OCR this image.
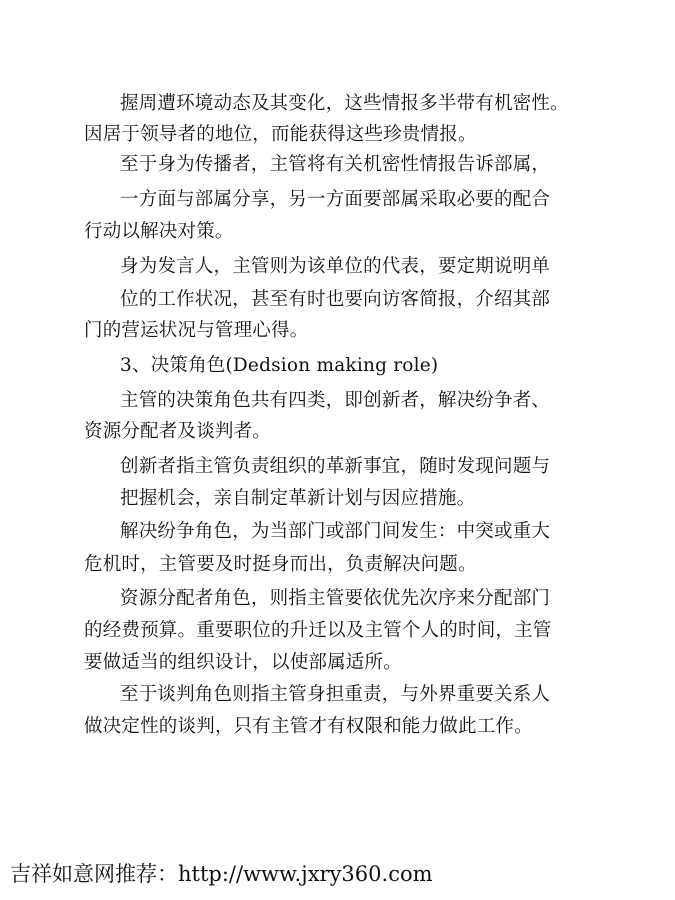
握周遭环境动态及其变化，这些情报多半带有机密性。
因居于领导者的地位，而能获得这些珍贵情报。
至于身为传播者，主管将有关机密性情报告诉部属，
一方面与部属分享，另一方面要部属采取必要的配合
行动以解决对策。
身为发言人，主管则为该单位的代表，要定期说明单
位的工作状况，甚至有时也要向访客简报，介绍其部
门的营运状况与管理心得。
3、决策角色(Dedsion making role)
主管的决策角色共有四类，即创新者，解决纷争者、
资源分配者及谈判者。
创新者指主管负责组织的革新事宜，随时发现问题与
把握机会，亲自制定革新计划与因应措施。
解决纷争角色，为当部门或部门间发生：中突或重大
危机时，主管要及时挺身而出，负责解决问题。
资源分配者角色，则指主管要依优先次序来分配部门
的经费预算。重要职位的升迁以及主管个人的时间，主管
要做适当的组织设计，以使部属适所。
至于谈判角色则指主管身担重责，与外界重要关系人
做决定性的谈判，只有主管才有权限和能力做此工作。
吉祥如意网推荐：http://www.jxry360.com
